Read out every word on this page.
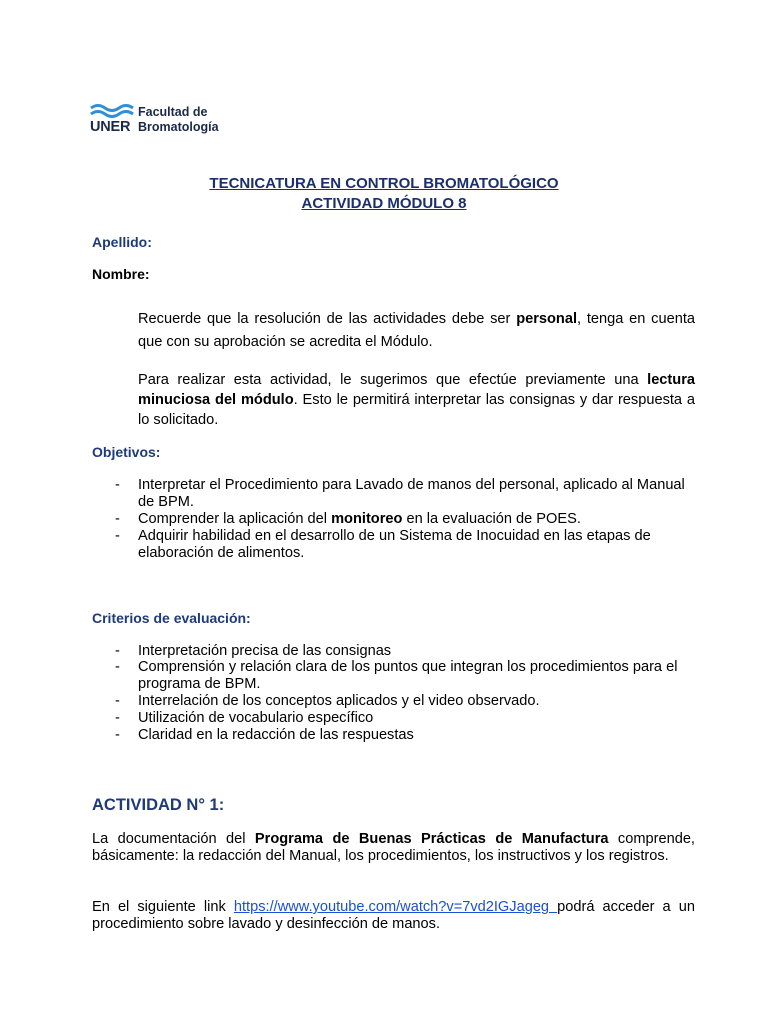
UNER
Facultad de
Bromatología
TECNICATURA EN CONTROL BROMATOLÓGICO
ACTIVIDAD MÓDULO 8
Apellido:
Nombre:
Recuerde que la resolución de las actividades debe ser personal, tenga en cuenta que con su aprobación se acredita el Módulo.
Para realizar esta actividad, le sugerimos que efectúe previamente una lectura minuciosa del módulo. Esto le permitirá interpretar las consignas y dar respuesta a lo solicitado.
Objetivos:
- Interpretar el Procedimiento para Lavado de manos del personal, aplicado al Manual de BPM.
- Comprender la aplicación del monitoreo en la evaluación de POES.
- Adquirir habilidad en el desarrollo de un Sistema de Inocuidad en las etapas de elaboración de alimentos.
Criterios de evaluación:
- Interpretación precisa de las consignas
- Comprensión y relación clara de los puntos que integran los procedimientos para el programa de BPM.
- Interrelación de los conceptos aplicados y el video observado.
- Utilización de vocabulario específico
- Claridad en la redacción de las respuestas
ACTIVIDAD N° 1:
La documentación del Programa de Buenas Prácticas de Manufactura comprende, básicamente: la redacción del Manual, los procedimientos, los instructivos y los registros.
En el siguiente link https://www.youtube.com/watch?v=7vd2IGJageg podrá acceder a un procedimiento sobre lavado y desinfección de manos.
